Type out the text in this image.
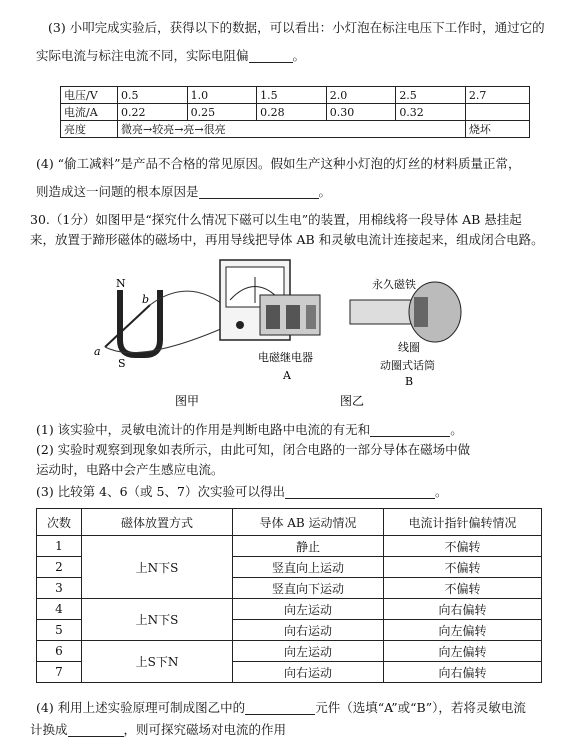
(3) 小叩完成实验后，获得以下的数据，可以看出：小灯泡在标注电压下工作时，通过它的
实际电流与标注电流不同，实际电阻偏	。
电压/V	0.5	1.0	1.5	2.0	2.5	2.7
电流/A	0.22	0.25	0.28	0.30	0.32	
亮度	微亮→较亮→亮→很亮					烧坏
(4) “偷工减料”是产品不合格的常见原因。假如生产这种小灯泡的灯丝的材料质量正常，
则造成这一问题的根本原因是	。
30.（1分）如图甲是“探究什么情况下磁可以生电”的装置，用棉线将一段导体 AB 悬挂起
来，放置于蹄形磁体的磁场中，再用导线把导体 AB 和灵敏电流计连接起来，组成闭合电路。
N
S
a
b
电磁继电器
A
永久磁铁
线圈
动圈式话筒
B
图甲	图乙
(1) 该实验中，灵敏电流计的作用是判断电路中电流的有无和	。
(2) 实验时观察到现象如表所示，由此可知，闭合电路的一部分导体在磁场中做
运动时，电路中会产生感应电流。
(3) 比较第 4、6（或 5、7）次实验可以得出	。
次数	磁体放置方式	导体 AB 运动情况	电流计指针偏转情况
1	上N下S	静止	不偏转
2		竖直向上运动	不偏转
3		竖直向下运动	不偏转
4	上N下S	向左运动	向右偏转
5		向右运动	向左偏转
6	上S下N	向左运动	向左偏转
7		向右运动	向右偏转
(4) 利用上述实验原理可制成图乙中的	元件（选填“A”或“B”），若将灵敏电流
计换成	，则可探究磁场对电流的作用
